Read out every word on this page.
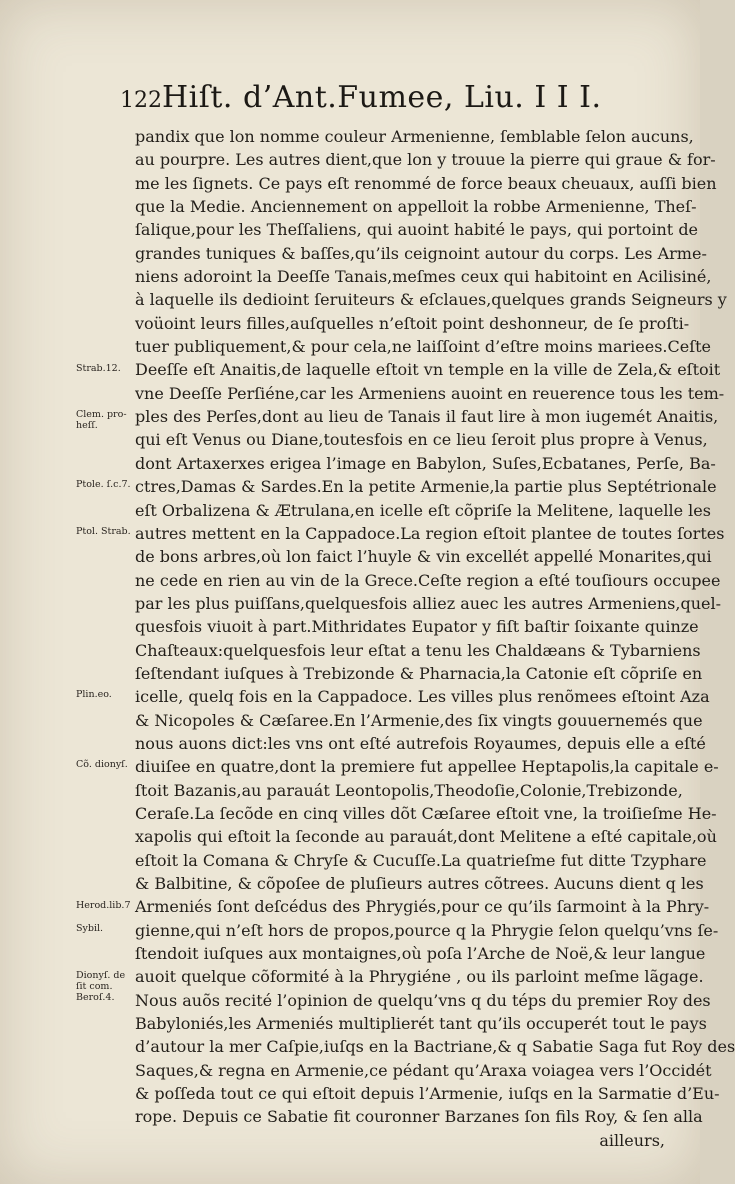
122 Hiſt. d’Ant.Fumee, Liu. I I I.
pandix que lon nomme couleur Armenienne, ſemblable ſelon aucuns,
au pourpre. Les autres dient,que lon y trouue la pierre qui graue & for-
me les ſignets. Ce pays eſt renommé de force beaux cheuaux, auſſi bien
que la Medie. Anciennement on appelloit la robbe Armenienne, Theſ-
ſalique,pour les Theſſaliens, qui auoint habité le pays, qui portoint de
grandes tuniques & baſſes,qu’ils ceignoint autour du corps. Les Arme-
niens adoroint la Deeſſe Tanais,meſmes ceux qui habitoint en Acilisiné,
à laquelle ils dedioint ſeruiteurs & eſclaues,quelques grands Seigneurs y
voüoint leurs filles,auſquelles n’eſtoit point deshonneur, de ſe proſti-
tuer publiquement,& pour cela,ne laiſſoint d’eſtre moins mariees.Ceſte
Deeſſe eſt Anaitis,de laquelle eſtoit vn temple en la ville de Zela,& eſtoit
vne Deeſſe Perſiéne,car les Armeniens auoint en reuerence tous les tem-
ples des Perſes,dont au lieu de Tanais il faut lire à mon iugemét Anaitis,
qui eſt Venus ou Diane,toutesfois en ce lieu ſeroit plus propre à Venus,
dont Artaxerxes erigea l’image en Babylon, Suſes,Ecbatanes, Perſe, Ba-
ctres,Damas & Sardes.En la petite Armenie,la partie plus Septétrionale
eſt Orbalizena & Ætrulana,en icelle eſt cõpriſe la Melitene, laquelle les
autres mettent en la Cappadoce.La region eſtoit plantee de toutes ſortes
de bons arbres,où lon faict l’huyle & vin excellét appellé Monarites,qui
ne cede en rien au vin de la Grece.Ceſte region a eſté touſiours occupee
par les plus puiſſans,quelquesfois alliez auec les autres Armeniens,quel-
quesfois viuoit à part.Mithridates Eupator y fiſt baſtir ſoixante quinze
Chaſteaux:quelquesfois leur eſtat a tenu les Chaldæans & Tybarniens
ſeſtendant iuſques à Trebizonde & Pharnacia,la Catonie eſt cõpriſe en
icelle, quelq fois en la Cappadoce. Les villes plus renõmees eſtoint Aza
& Nicopoles & Cæſaree.En l’Armenie,des ſix vingts gouuernemés que
nous auons dict:les vns ont eſté autrefois Royaumes, depuis elle a eſté
diuiſee en quatre,dont la premiere fut appellee Heptapolis,la capitale e-
ſtoit Bazanis,au parauát Leontopolis,Theodoſie,Colonie,Trebizonde,
Ceraſe.La ſecõde en cinq villes dõt Cæſaree eſtoit vne, la troiſieſme He-
xapolis qui eſtoit la ſeconde au parauát,dont Melitene a eſté capitale,où
eſtoit la Comana & Chryſe & Cucuſſe.La quatrieſme fut ditte Tzyphare
& Balbitine, & cõpoſee de pluſieurs autres cõtrees. Aucuns dient q les
Armeniés ſont deſcédus des Phrygiés,pour ce qu’ils ſarmoint à la Phry-
gienne,qui n’eſt hors de propos,pource q la Phrygie ſelon quelqu’vns ſe-
ſtendoit iuſques aux montaignes,où poſa l’Arche de Noë,& leur langue
auoit quelque cõformité à la Phrygiéne , ou ils parloint meſme lãgage.
Nous auõs recité l’opinion de quelqu’vns q du téps du premier Roy des
Babyloniés,les Armeniés multiplierét tant qu’ils occuperét tout le pays
d’autour la mer Caſpie,iuſqs en la Bactriane,& q Sabatie Saga fut Roy des
Saques,& regna en Armenie,ce pédant qu’Araxa voiagea vers l’Occidét
& poſſeda tout ce qui eſtoit depuis l’Armenie, iuſqs en la Sarmatie d’Eu-
rope. Depuis ce Sabatie fit couronner Barzanes ſon fils Roy, & ſen alla
ailleurs,
Strab.12.
Clem. pro-heſſ.
Ptole. ſ.c.7.
Ptol. Strab.
Plin.eo.
Cõ. dionyſ.
Herod.lib.7
Sybil.
Dionyſ. de ſit com. Beroſ.4.
